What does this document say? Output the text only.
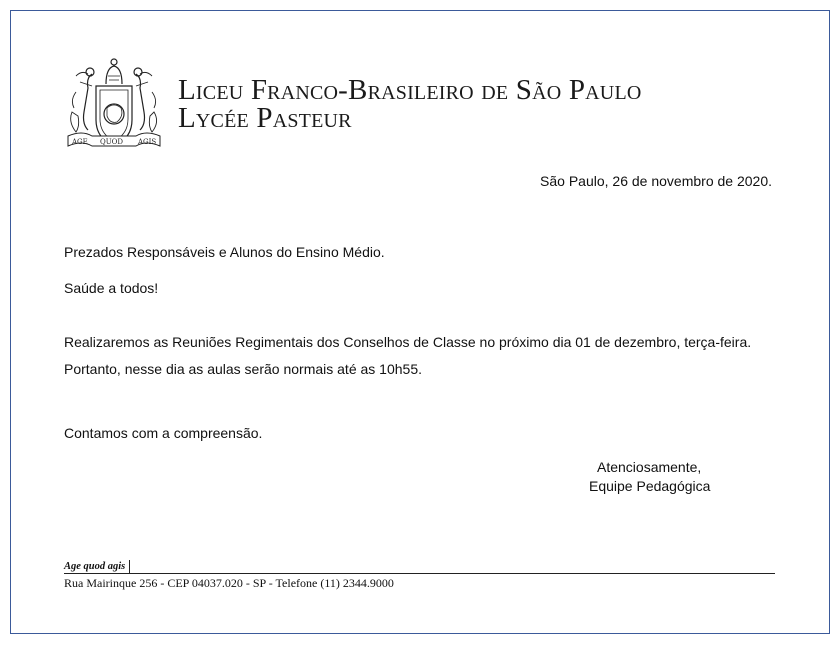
AGE QUOD AGIS
Liceu Franco-Brasileiro de São Paulo
Lycée Pasteur
São Paulo, 26 de novembro de 2020.
Prezados Responsáveis e Alunos do Ensino Médio.
Saúde a todos!
Realizaremos as Reuniões Regimentais dos Conselhos de Classe no próximo dia 01 de dezembro, terça-feira.
Portanto, nesse dia as aulas serão normais até as 10h55.
Contamos com a compreensão.
Atenciosamente,
Equipe Pedagógica
Age quod agis
Rua Mairinque 256 - CEP 04037.020 - SP - Telefone (11) 2344.9000
